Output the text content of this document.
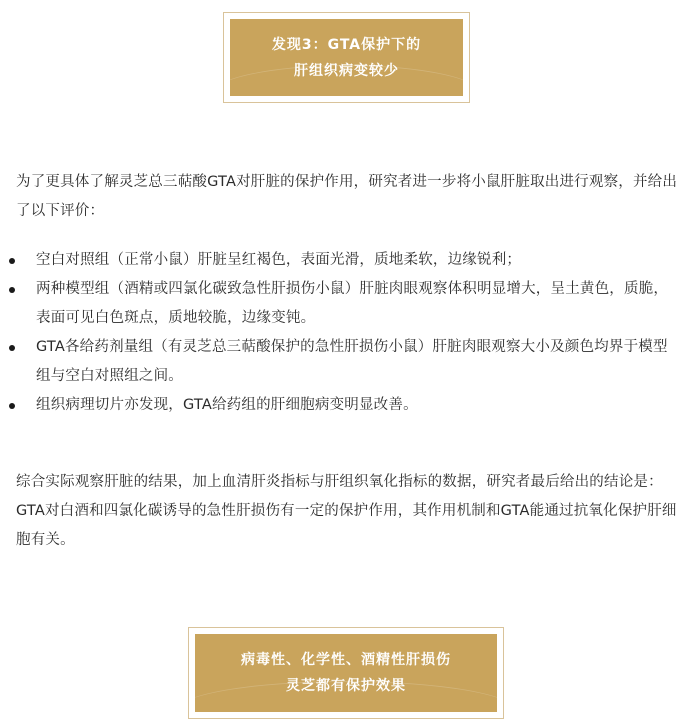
发现3：GTA保护下的
肝组织病变较少

为了更具体了解灵芝总三萜酸GTA对肝脏的保护作用，研究者进一步将小鼠肝脏取出进行观察，并给出了以下评价：

空白对照组（正常小鼠）肝脏呈红褐色，表面光滑，质地柔软，边缘锐利；
两种模型组（酒精或四氯化碳致急性肝损伤小鼠）肝脏肉眼观察体积明显增大，呈土黄色，质脆，表面可见白色斑点，质地较脆，边缘变钝。
GTA各给药剂量组（有灵芝总三萜酸保护的急性肝损伤小鼠）肝脏肉眼观察大小及颜色均界于模型组与空白对照组之间。
组织病理切片亦发现，GTA给药组的肝细胞病变明显改善。

综合实际观察肝脏的结果，加上血清肝炎指标与肝组织氧化指标的数据，研究者最后给出的结论是：GTA对白酒和四氯化碳诱导的急性肝损伤有一定的保护作用，其作用机制和GTA能通过抗氧化保护肝细胞有关。

病毒性、化学性、酒精性肝损伤
灵芝都有保护效果
